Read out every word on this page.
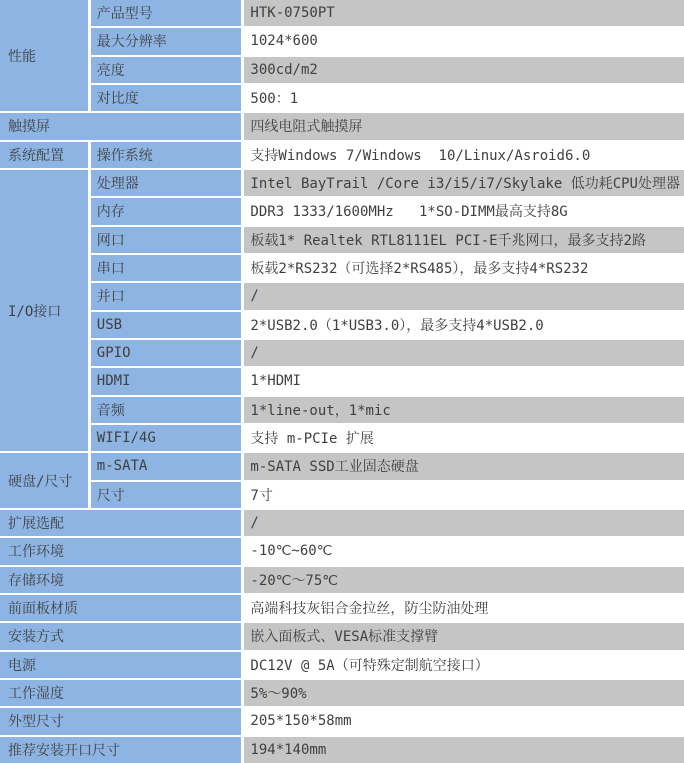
性能	产品型号	HTK-0750PT
	最大分辨率	1024*600
	亮度	300cd/m2
	对比度	500：1
触摸屏		四线电阻式触摸屏
系统配置	操作系统	支持Windows 7/Windows  10/Linux/Asroid6.0
I/O接口	处理器	Intel BayTrail /Core i3/i5/i7/Skylake 低功耗CPU处理器
	内存	DDR3 1333/1600MHz   1*SO-DIMM最高支持8G
	网口	板载1* Realtek RTL8111EL PCI-E千兆网口，最多支持2路
	串口	板载2*RS232（可选择2*RS485），最多支持4*RS232
	并口	/
	USB	2*USB2.0（1*USB3.0），最多支持4*USB2.0
	GPIO	/
	HDMI	1*HDMI
	音频	1*line-out，1*mic
	WIFI/4G	支持 m-PCIe 扩展
硬盘/尺寸	m-SATA	m-SATA SSD工业固态硬盘
	尺寸	7寸
扩展选配		/
工作环境		-10℃~60℃
存储环境		-20℃～75℃
前面板材质		高端科技灰铝合金拉丝，防尘防油处理
安装方式		嵌入面板式、VESA标准支撑臂
电源		DC12V @ 5A（可特殊定制航空接口）
工作湿度		5%～90%
外型尺寸		205*150*58mm
推荐安装开口尺寸		194*140mm
